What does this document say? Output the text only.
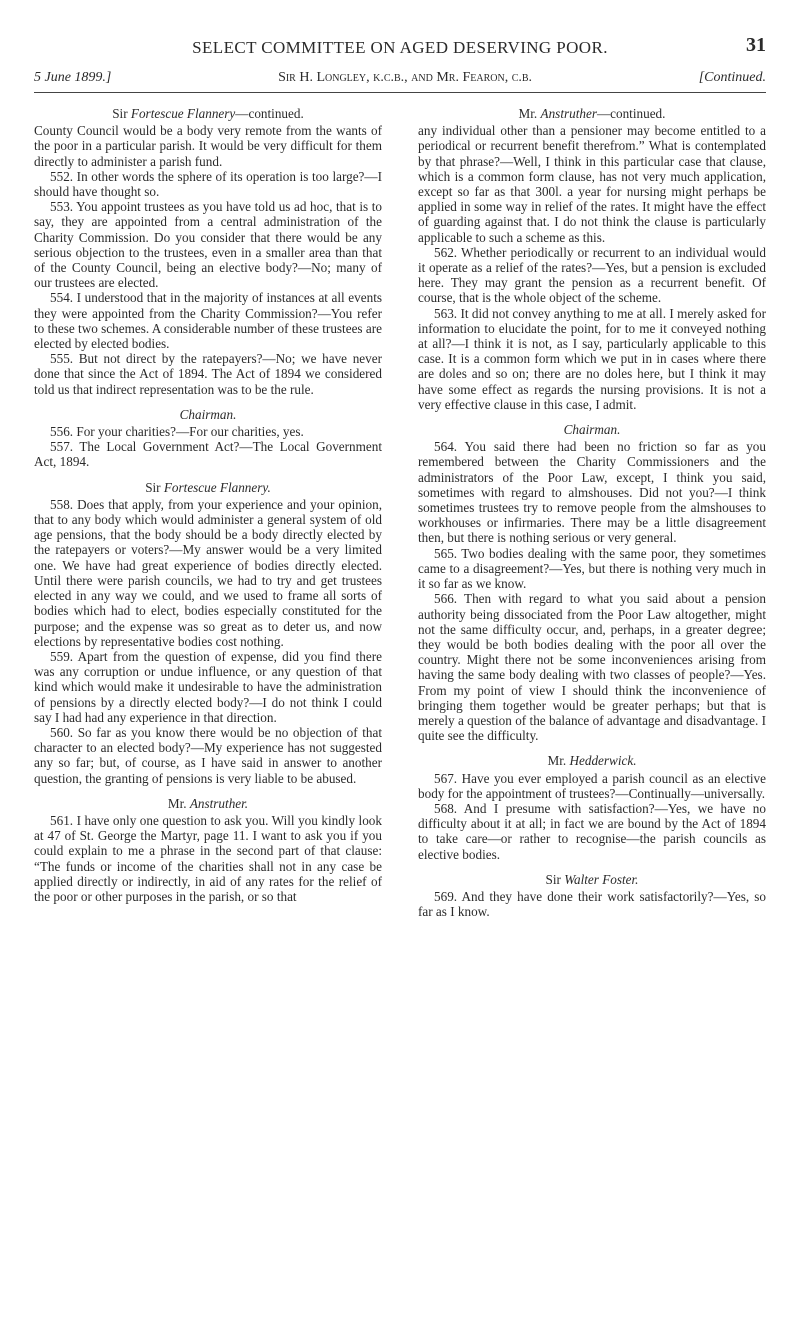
SELECT COMMITTEE ON AGED DESERVING POOR.	31
5 June 1899.]	Sir H. Longley, k.c.b., and Mr. Fearon, c.b.	[Continued.

Sir Fortescue Flannery—continued.

County Council would be a body very remote from the wants of the poor in a particular parish. It would be very difficult for them directly to administer a parish fund.

552. In other words the sphere of its operation is too large?—I should have thought so.

553. You appoint trustees as you have told us ad hoc, that is to say, they are appointed from a central administration of the Charity Commission. Do you consider that there would be any serious objection to the trustees, even in a smaller area than that of the County Council, being an elective body?—No; many of our trustees are elected.

554. I understood that in the majority of instances at all events they were appointed from the Charity Commission?—You refer to these two schemes. A considerable number of these trustees are elected by elected bodies.

555. But not direct by the ratepayers?—No; we have never done that since the Act of 1894. The Act of 1894 we considered told us that indirect representation was to be the rule.

Chairman.

556. For your charities?—For our charities, yes.

557. The Local Government Act?—The Local Government Act, 1894.

Sir Fortescue Flannery.

558. Does that apply, from your experience and your opinion, that to any body which would administer a general system of old age pensions, that the body should be a body directly elected by the ratepayers or voters?—My answer would be a very limited one. We have had great experience of bodies directly elected. Until there were parish councils, we had to try and get trustees elected in any way we could, and we used to frame all sorts of bodies which had to elect, bodies especially constituted for the purpose; and the expense was so great as to deter us, and now elections by representative bodies cost nothing.

559. Apart from the question of expense, did you find there was any corruption or undue influence, or any question of that kind which would make it undesirable to have the administration of pensions by a directly elected body?—I do not think I could say I had had any experience in that direction.

560. So far as you know there would be no objection of that character to an elected body?—My experience has not suggested any so far; but, of course, as I have said in answer to another question, the granting of pensions is very liable to be abused.

Mr. Anstruther.

561. I have only one question to ask you. Will you kindly look at 47 of St. George the Martyr, page 11. I want to ask you if you could explain to me a phrase in the second part of that clause: “The funds or income of the charities shall not in any case be applied directly or indirectly, in aid of any rates for the relief of the poor or other purposes in the parish, or so that

Mr. Anstruther—continued.

any individual other than a pensioner may become entitled to a periodical or recurrent benefit therefrom.” What is contemplated by that phrase?—Well, I think in this particular case that clause, which is a common form clause, has not very much application, except so far as that 300l. a year for nursing might perhaps be applied in some way in relief of the rates. It might have the effect of guarding against that. I do not think the clause is particularly applicable to such a scheme as this.

562. Whether periodically or recurrent to an individual would it operate as a relief of the rates?—Yes, but a pension is excluded here. They may grant the pension as a recurrent benefit. Of course, that is the whole object of the scheme.

563. It did not convey anything to me at all. I merely asked for information to elucidate the point, for to me it conveyed nothing at all?—I think it is not, as I say, particularly applicable to this case. It is a common form which we put in in cases where there are doles and so on; there are no doles here, but I think it may have some effect as regards the nursing provisions. It is not a very effective clause in this case, I admit.

Chairman.

564. You said there had been no friction so far as you remembered between the Charity Commissioners and the administrators of the Poor Law, except, I think you said, sometimes with regard to almshouses. Did not you?—I think sometimes trustees try to remove people from the almshouses to workhouses or infirmaries. There may be a little disagreement then, but there is nothing serious or very general.

565. Two bodies dealing with the same poor, they sometimes came to a disagreement?—Yes, but there is nothing very much in it so far as we know.

566. Then with regard to what you said about a pension authority being dissociated from the Poor Law altogether, might not the same difficulty occur, and, perhaps, in a greater degree; they would be both bodies dealing with the poor all over the country. Might there not be some inconveniences arising from having the same body dealing with two classes of people?—Yes. From my point of view I should think the inconvenience of bringing them together would be greater perhaps; but that is merely a question of the balance of advantage and disadvantage. I quite see the difficulty.

Mr. Hedderwick.

567. Have you ever employed a parish council as an elective body for the appointment of trustees?—Continually—universally.

568. And I presume with satisfaction?—Yes, we have no difficulty about it at all; in fact we are bound by the Act of 1894 to take care—or rather to recognise—the parish councils as elective bodies.

Sir Walter Foster.

569. And they have done their work satisfactorily?—Yes, so far as I know.
